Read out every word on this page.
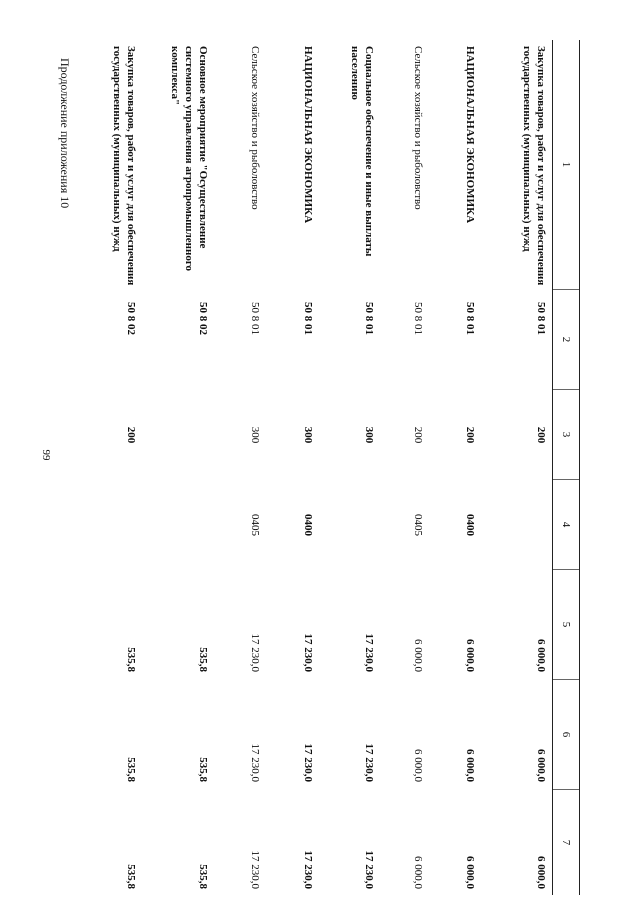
99
Продолжение приложения 10	1
2
3
4
5
6
7
Закупка товаров, работ и услуг для обеспечения государственных (муниципальных) нужд
50 8 01
200
6 000,0
6 000,0
6 000,0
НАЦИОНАЛЬНАЯ ЭКОНОМИКА
50 8 01
200
0400
6 000,0
6 000,0
6 000,0
Сельское хозяйство и рыболовство
50 8 01
200
0405
6 000,0
6 000,0
6 000,0
Социальное обеспечение и иные выплаты населению
50 8 01
300
17 230,0
17 230,0
17 230,0
НАЦИОНАЛЬНАЯ ЭКОНОМИКА
50 8 01
300
0400
17 230,0
17 230,0
17 230,0
Сельское хозяйство и рыболовство
50 8 01
300
0405
17 230,0
17 230,0
17 230,0
Основное мероприятие "Осуществление системного управления агропромышленного комплекса"
50 8 02
535,8
535,8
535,8
Закупка товаров, работ и услуг для обеспечения государственных (муниципальных) нужд
50 8 02
200
535,8
535,8
535,8
